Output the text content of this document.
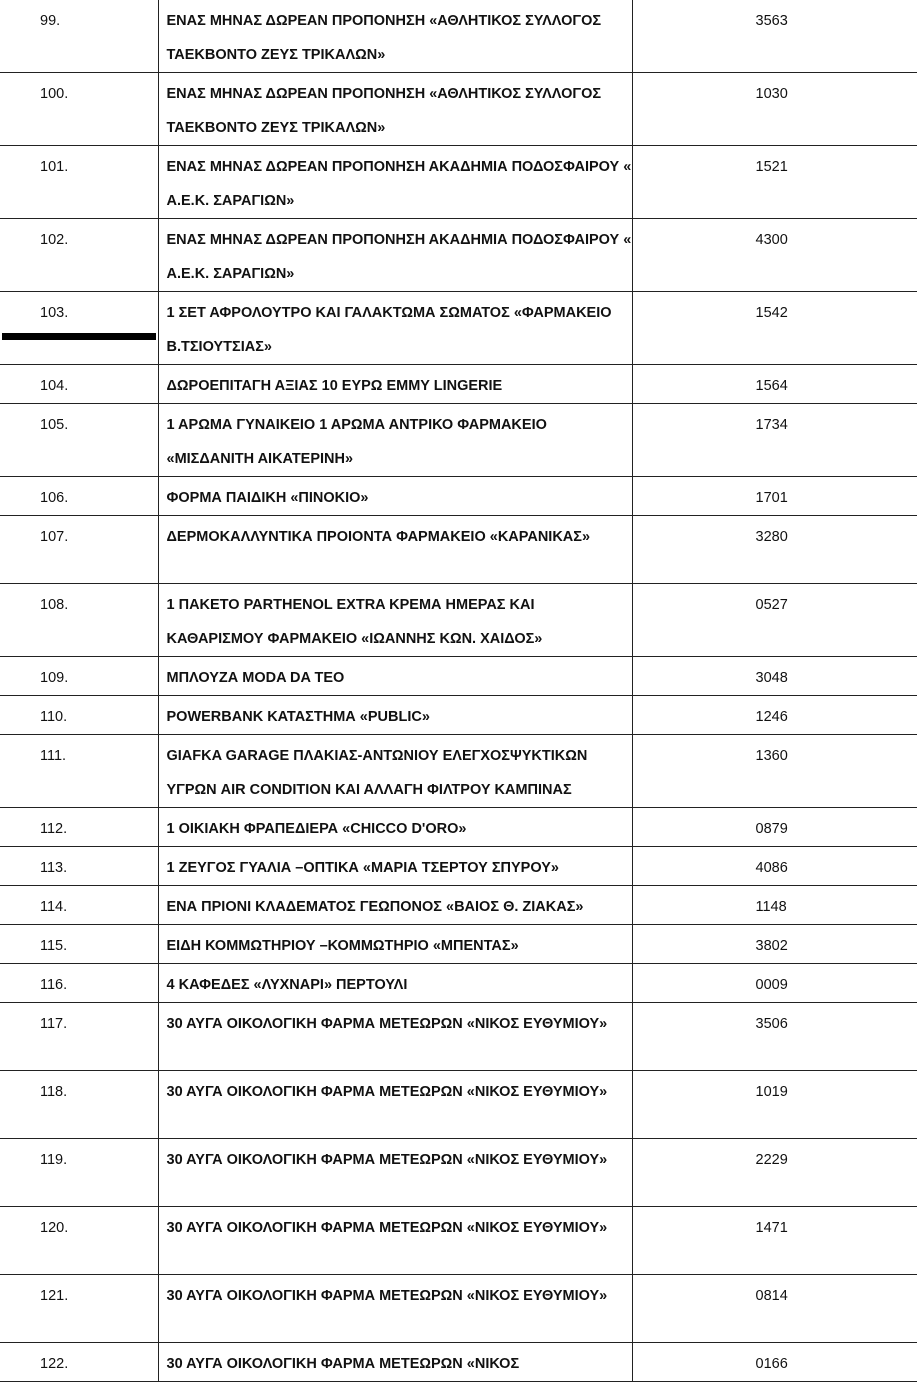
99.	ΕΝΑΣ ΜΗΝΑΣ ΔΩΡΕΑΝ ΠΡΟΠΟΝΗΣΗ «ΑΘΛΗΤΙΚΟΣ ΣΥΛΛΟΓΟΣ ΤΑΕΚΒΟΝΤΟ ΖΕΥΣ ΤΡΙΚΑΛΩΝ»	3563
100.	ΕΝΑΣ ΜΗΝΑΣ ΔΩΡΕΑΝ ΠΡΟΠΟΝΗΣΗ «ΑΘΛΗΤΙΚΟΣ ΣΥΛΛΟΓΟΣ ΤΑΕΚΒΟΝΤΟ ΖΕΥΣ ΤΡΙΚΑΛΩΝ»	1030
101.	ΕΝΑΣ ΜΗΝΑΣ ΔΩΡΕΑΝ ΠΡΟΠΟΝΗΣΗ ΑΚΑΔΗΜΙΑ ΠΟΔΟΣΦΑΙΡΟΥ « Α.Ε.Κ. ΣΑΡΑΓΙΩΝ»	1521
102.	ΕΝΑΣ ΜΗΝΑΣ ΔΩΡΕΑΝ ΠΡΟΠΟΝΗΣΗ ΑΚΑΔΗΜΙΑ ΠΟΔΟΣΦΑΙΡΟΥ « Α.Ε.Κ. ΣΑΡΑΓΙΩΝ»	4300
103.	1 ΣΕΤ ΑΦΡΟΛΟΥΤΡΟ ΚΑΙ ΓΑΛΑΚΤΩΜΑ ΣΩΜΑΤΟΣ «ΦΑΡΜΑΚΕΙΟ Β.ΤΣΙΟΥΤΣΙΑΣ»	1542
104.	ΔΩΡΟΕΠΙΤΑΓΗ ΑΞΙΑΣ 10 ΕΥΡΩ EMMY LINGERIE	1564
105.	1 ΑΡΩΜΑ ΓΥΝΑΙΚΕΙΟ 1 ΑΡΩΜΑ ΑΝΤΡΙΚΟ ΦΑΡΜΑΚΕΙΟ «ΜΙΣΔΑΝΙΤΗ ΑΙΚΑΤΕΡΙΝΗ»	1734
106.	ΦΟΡΜΑ ΠΑΙΔΙΚΗ «ΠΙΝΟΚΙΟ»	1701
107.	ΔΕΡΜΟΚΑΛΛΥΝΤΙΚΑ ΠΡΟΙΟΝΤΑ ΦΑΡΜΑΚΕΙΟ «ΚΑΡΑΝΙΚΑΣ»	3280
108.	1 ΠΑΚΕΤΟ PARTHENOL EXTRA ΚΡΕΜΑ ΗΜΕΡΑΣ ΚΑΙ ΚΑΘΑΡΙΣΜΟΥ ΦΑΡΜΑΚΕΙΟ «ΙΩΑΝΝΗΣ ΚΩΝ. ΧΑΙΔΟΣ»	0527
109.	ΜΠΛΟΥΖΑ MODA DA TEO	3048
110.	POWERBANK ΚΑΤΑΣΤΗΜΑ «PUBLIC»	1246
111.	GIAFKA GARAGE ΠΛΑΚΙΑΣ-ΑΝΤΩΝΙΟΥ ΕΛΕΓΧΟΣΨΥΚΤΙΚΩΝ ΥΓΡΩΝ AIR CONDITION ΚΑΙ ΑΛΛΑΓΗ ΦΙΛΤΡΟΥ ΚΑΜΠΙΝΑΣ	1360
112.	1 ΟΙΚΙΑΚΗ ΦΡΑΠΕΔΙΕΡΑ «CHICCO D'ORO»	0879
113.	1 ΖΕΥΓΟΣ ΓΥΑΛΙΑ –ΟΠΤΙΚΑ «ΜΑΡΙΑ ΤΣΕΡΤΟΥ ΣΠΥΡΟΥ»	4086
114.	ΕΝΑ ΠΡΙΟΝΙ ΚΛΑΔΕΜΑΤΟΣ ΓΕΩΠΟΝΟΣ «ΒΑΙΟΣ Θ. ΖΙΑΚΑΣ»	1148
115.	ΕΙΔΗ ΚΟΜΜΩΤΗΡΙΟΥ –ΚΟΜΜΩΤΗΡΙΟ «ΜΠΕΝΤΑΣ»	3802
116.	4 ΚΑΦΕΔΕΣ «ΛΥΧΝΑΡΙ» ΠΕΡΤΟΥΛΙ	0009
117.	30 ΑΥΓΑ ΟΙΚΟΛΟΓΙΚΗ ΦΑΡΜΑ ΜΕΤΕΩΡΩΝ «ΝΙΚΟΣ ΕΥΘΥΜΙΟΥ»	3506
118.	30 ΑΥΓΑ ΟΙΚΟΛΟΓΙΚΗ ΦΑΡΜΑ ΜΕΤΕΩΡΩΝ «ΝΙΚΟΣ ΕΥΘΥΜΙΟΥ»	1019
119.	30 ΑΥΓΑ ΟΙΚΟΛΟΓΙΚΗ ΦΑΡΜΑ ΜΕΤΕΩΡΩΝ «ΝΙΚΟΣ ΕΥΘΥΜΙΟΥ»	2229
120.	30 ΑΥΓΑ ΟΙΚΟΛΟΓΙΚΗ ΦΑΡΜΑ ΜΕΤΕΩΡΩΝ «ΝΙΚΟΣ ΕΥΘΥΜΙΟΥ»	1471
121.	30 ΑΥΓΑ ΟΙΚΟΛΟΓΙΚΗ ΦΑΡΜΑ ΜΕΤΕΩΡΩΝ «ΝΙΚΟΣ ΕΥΘΥΜΙΟΥ»	0814
122.	30 ΑΥΓΑ ΟΙΚΟΛΟΓΙΚΗ ΦΑΡΜΑ ΜΕΤΕΩΡΩΝ «ΝΙΚΟΣ	0166
